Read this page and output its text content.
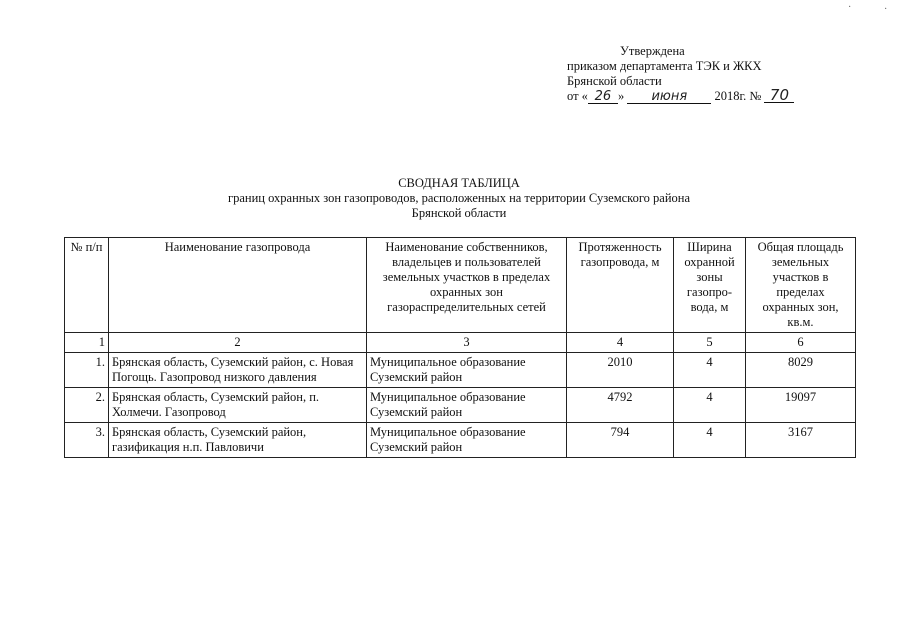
·	·
Утверждена
приказом департамента ТЭК и ЖКХ
Брянской области
от « 26 » июня 2018г. № 70
СВОДНАЯ ТАБЛИЦА
границ охранных зон газопроводов, расположенных на территории Суземского района
Брянской области
№ п/п	Наименование газопровода	Наименование собственников, владельцев и пользователей земельных участков в пределах охранных зон газораспределительных сетей	Протяженность газопровода, м	Ширина охранной зоны газопро-вода, м	Общая площадь земельных участков в пределах охранных зон, кв.м.
1	2	3	4	5	6
1.	Брянская область, Суземский район, с. Новая Погощь. Газопровод низкого давления	Муниципальное образование Суземский район	2010	4	8029
2.	Брянская область, Суземский район, п. Холмечи. Газопровод	Муниципальное образование Суземский район	4792	4	19097
3.	Брянская область, Суземский район, газификация н.п. Павловичи	Муниципальное образование Суземский район	794	4	3167
